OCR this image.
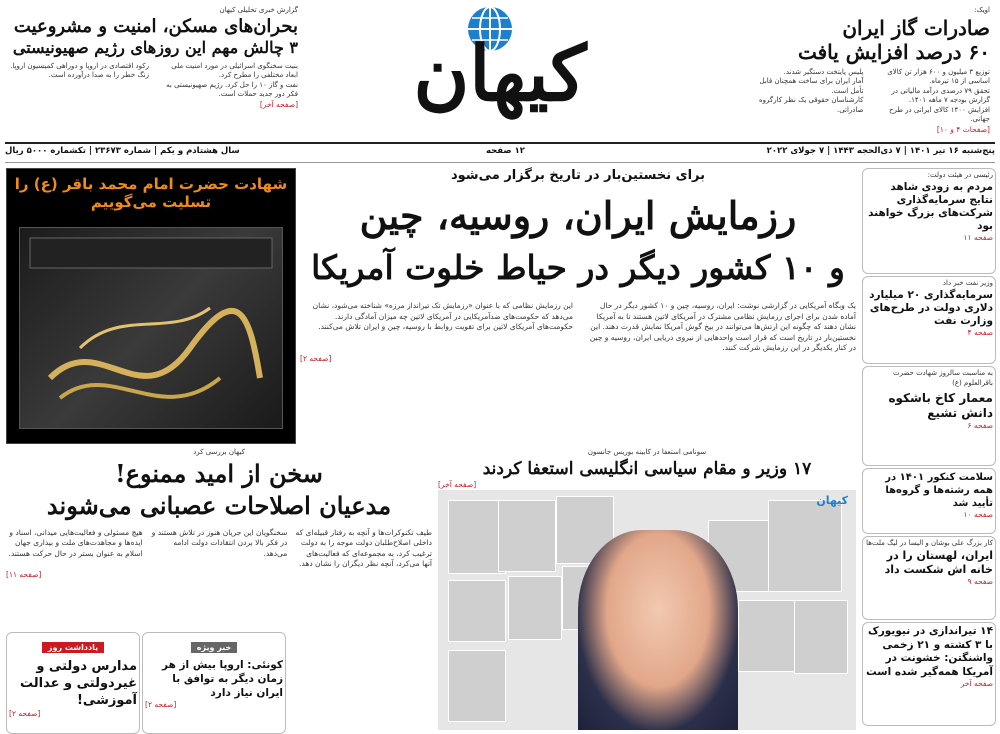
اویک:
صادرات گاز ایران
۶۰ درصد افزایش یافت
توزیع ۳ میلیون و ۶۰۰ هزار تن کالای اساسی از ۱۵ تیرماه.
تحقق ۷۹ درصدی درآمد مالیاتی در گزارش بودجه ۷ ماهه ۱۴۰۱.
افزایش ۱۴۰۰ کالای ایرانی در طرح جهانی.
پلیس پایتخت دستگیر شدند.
آمار ایران برای ساخت همچنان قابل تأمل است.
کارشناسان حقوقی یک نظر کارگروه صادراتی.
[صفحات ۴ و ۱۰]
کیهان
گزارش خبری تحلیلی کیهان
بحران‌های مسکن، امنیت و مشروعیت
۳ چالش مهم این روزهای رژیم صهیونیستی
بنیت سخنگوی اسرائیلی در مورد امنیت ملی ابعاد مختلفی را مطرح کرد.
نفت و گاز ۱۰ را حل کرد. رژیم صهیونیستی به فکر دور جدید حملات است.
رکود اقتصادی در اروپا و دوراهی کمیسیون اروپا.
زنگ خطر را به صدا درآورده است.
[صفحه آخر]
پنج‌شنبه ۱۶ تیر ۱۴۰۱ | ۷ ذی‌الحجه ۱۴۴۳ | ۷ جولای ۲۰۲۲
۱۲ صفحه
سال هشتادم و یکم | شماره ۲۳۶۷۳ | تکشماره ۵۰۰۰ ریال
رئیسی در هیئت دولت:
مردم به زودی شاهد نتایج سرمایه‌گذاری شرکت‌های بزرگ خواهند بود
صفحه ۱۱
وزیر نفت خبر داد
سرمایه‌گذاری ۲۰ میلیارد دلاری دولت در طرح‌های وزارت نفت
صفحه ۴
به مناسبت سالروز شهادت حضرت باقرالعلوم (ع)
معمار کاخ باشکوه دانش تشیع
صفحه ۶
سلامت کنکور ۱۴۰۱ در همه رشته‌ها و گروه‌ها تأیید شد
صفحه ۱۰
کار بزرگ علی بوشان و الیسا در لیگ ملت‌ها
ایران، لهستان را در خانه اش شکست داد
صفحه ۹
۱۴ تیراندازی در نیویورک با ۳ کشته و ۲۱ زخمی واشنگتن: خشونت در آمریکا همه‌گیر شده است
صفحه آخر
برای نخستین‌بار در تاریخ برگزار می‌شود
رزمایش ایران، روسیه، چین
و ۱۰ کشور دیگر در حیاط خلوت آمریکا
یک وبگاه آمریکایی در گزارشی نوشت: ایران، روسیه، چین و ۱۰ کشور دیگر در حال آماده شدن برای اجرای رزمایش نظامی مشترک در آمریکای لاتین هستند تا به آمریکا نشان دهند که چگونه این ارتش‌ها می‌توانند در بیخ گوش آمریکا نمایش قدرت دهند. این نخستین‌بار در تاریخ است که قرار است واحدهایی از نیروی دریایی ایران، روسیه و چین در کنار یکدیگر در این رزمایش شرکت کنند.
این رزمایش نظامی که با عنوان «رزمایش تک تیرانداز مرزه» شناخته می‌شود، نشان می‌دهد که حکومت‌های ضدآمریکایی در آمریکای لاتین چه میزان آمادگی دارند. حکومت‌های آمریکای لاتین برای تقویت روابط با روسیه، چین و ایران تلاش می‌کنند.
[صفحه ۲]
شهادت حضرت امام محمد باقر (ع) را
تسلیت می‌گوییم
سونامی استعفا در کابینه بوریس جانسون
۱۷ وزیر و مقام سیاسی انگلیسی استعفا کردند
[صفحه آخر]
کیهان
کیهان بررسی کرد
سخن از امید ممنوع!
مدعیان اصلاحات عصبانی می‌شوند
طیف تکنوکرات‌ها و آنچه به رفتار قبیله‌ای که داخلی اصلاح‌طلبان دولت موجه را به دولت ترغیب کرد، به مجموعه‌ای که فعالیت‌های آنها می‌کرد، آنچه نظر دیگران را نشان دهد.
سخنگویان این جریان هنوز در تلاش هستند و در فکر بالا بردن انتقادات دولت ادامه می‌دهد.
هیچ مسئولی و فعالیت‌هایی میدانی، اسناد و ایده‌ها و مجاهدت‌های ملت و بیداری جهان اسلام به عنوان بستر در حال حرکت هستند.
[صفحه ۱۱]
یادداشت روز
مدارس دولتی و غیردولتی و عدالت آموزشی!
[صفحه ۲]
خبر ویژه
کونئی: اروپا بیش از هر زمان دیگر به توافق با ایران نیاز دارد
[صفحه ۲]
